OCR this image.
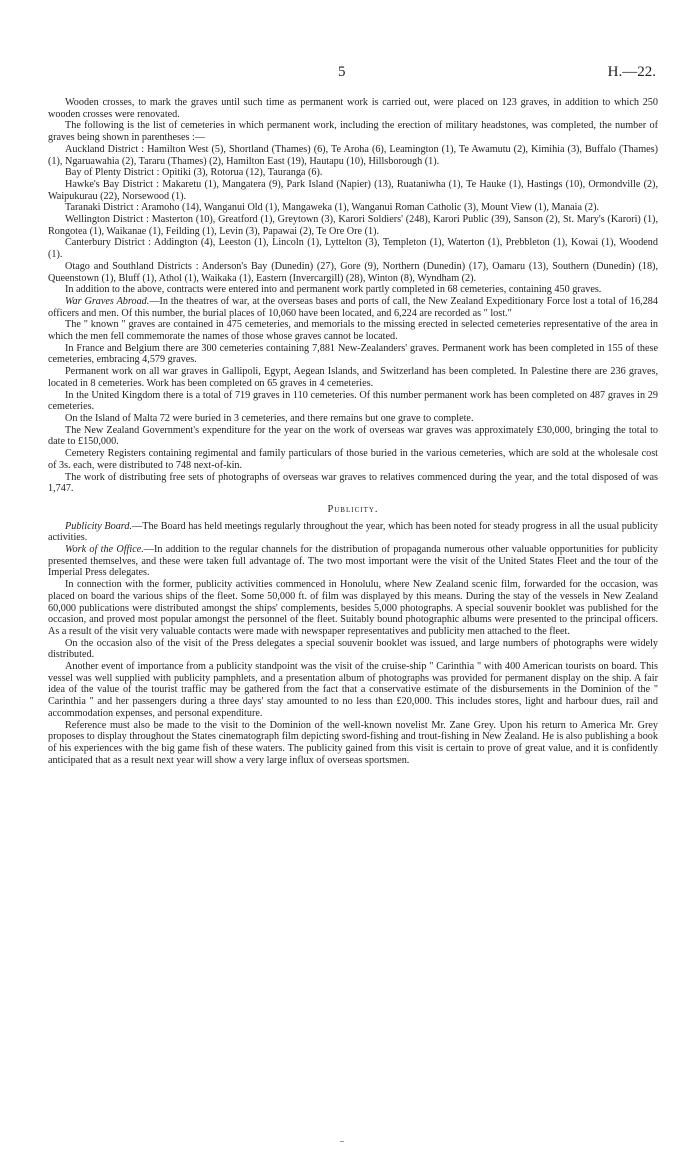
5	H.—22.

Wooden crosses, to mark the graves until such time as permanent work is carried out, were placed on 123 graves, in addition to which 250 wooden crosses were renovated.

The following is the list of cemeteries in which permanent work, including the erection of military headstones, was completed, the number of graves being shown in parentheses :—

Auckland District : Hamilton West (5), Shortland (Thames) (6), Te Aroha (6), Leamington (1), Te Awamutu (2), Kimihia (3), Buffalo (Thames) (1), Ngaruawahia (2), Tararu (Thames) (2), Hamilton East (19), Hautapu (10), Hillsborough (1).

Bay of Plenty District : Opitiki (3), Rotorua (12), Tauranga (6).

Hawke's Bay District : Makaretu (1), Mangatera (9), Park Island (Napier) (13), Ruataniwha (1), Te Hauke (1), Hastings (10), Ormondville (2), Waipukurau (22), Norsewood (1).

Taranaki District : Aramoho (14), Wanganui Old (1), Mangaweka (1), Wanganui Roman Catholic (3), Mount View (1), Manaia (2).

Wellington District : Masterton (10), Greatford (1), Greytown (3), Karori Soldiers' (248), Karori Public (39), Sanson (2), St. Mary's (Karori) (1), Rongotea (1), Waikanae (1), Feilding (1), Levin (3), Papawai (2), Te Ore Ore (1).

Canterbury District : Addington (4), Leeston (1), Lincoln (1), Lyttelton (3), Templeton (1), Waterton (1), Prebbleton (1), Kowai (1), Woodend (1).

Otago and Southland Districts : Anderson's Bay (Dunedin) (27), Gore (9), Northern (Dunedin) (17), Oamaru (13), Southern (Dunedin) (18), Queenstown (1), Bluff (1), Athol (1), Waikaka (1), Eastern (Invercargill) (28), Winton (8), Wyndham (2).

In addition to the above, contracts were entered into and permanent work partly completed in 68 cemeteries, containing 450 graves.

War Graves Abroad.—In the theatres of war, at the overseas bases and ports of call, the New Zealand Expeditionary Force lost a total of 16,284 officers and men. Of this number, the burial places of 10,060 have been located, and 6,224 are recorded as " lost."

The " known " graves are contained in 475 cemeteries, and memorials to the missing erected in selected cemeteries representative of the area in which the men fell commemorate the names of those whose graves cannot be located.

In France and Belgium there are 300 cemeteries containing 7,881 New-Zealanders' graves. Permanent work has been completed in 155 of these cemeteries, embracing 4,579 graves.

Permanent work on all war graves in Gallipoli, Egypt, Aegean Islands, and Switzerland has been completed. In Palestine there are 236 graves, located in 8 cemeteries. Work has been completed on 65 graves in 4 cemeteries.

In the United Kingdom there is a total of 719 graves in 110 cemeteries. Of this number permanent work has been completed on 487 graves in 29 cemeteries.

On the Island of Malta 72 were buried in 3 cemeteries, and there remains but one grave to complete.

The New Zealand Government's expenditure for the year on the work of overseas war graves was approximately £30,000, bringing the total to date to £150,000.

Cemetery Registers containing regimental and family particulars of those buried in the various cemeteries, which are sold at the wholesale cost of 3s. each, were distributed to 748 next-of-kin.

The work of distributing free sets of photographs of overseas war graves to relatives commenced during the year, and the total disposed of was 1,747.

Publicity.

Publicity Board.—The Board has held meetings regularly throughout the year, which has been noted for steady progress in all the usual publicity activities.

Work of the Office.—In addition to the regular channels for the distribution of propaganda numerous other valuable opportunities for publicity presented themselves, and these were taken full advantage of. The two most important were the visit of the United States Fleet and the tour of the Imperial Press delegates.

In connection with the former, publicity activities commenced in Honolulu, where New Zealand scenic film, forwarded for the occasion, was placed on board the various ships of the fleet. Some 50,000 ft. of film was displayed by this means. During the stay of the vessels in New Zealand 60,000 publications were distributed amongst the ships' complements, besides 5,000 photographs. A special souvenir booklet was published for the occasion, and proved most popular amongst the personnel of the fleet. Suitably bound photographic albums were presented to the principal officers. As a result of the visit very valuable contacts were made with newspaper representatives and publicity men attached to the fleet.

On the occasion also of the visit of the Press delegates a special souvenir booklet was issued, and large numbers of photographs were widely distributed.

Another event of importance from a publicity standpoint was the visit of the cruise-ship " Carinthia " with 400 American tourists on board. This vessel was well supplied with publicity pamphlets, and a presentation album of photographs was provided for permanent display on the ship. A fair idea of the value of the tourist traffic may be gathered from the fact that a conservative estimate of the disbursements in the Dominion of the " Carinthia " and her passengers during a three days' stay amounted to no less than £20,000. This includes stores, light and harbour dues, rail and accommodation expenses, and personal expenditure.

Reference must also be made to the visit to the Dominion of the well-known novelist Mr. Zane Grey. Upon his return to America Mr. Grey proposes to display throughout the States cinematograph film depicting sword-fishing and trout-fishing in New Zealand. He is also publishing a book of his experiences with the big game fish of these waters. The publicity gained from this visit is certain to prove of great value, and it is confidently anticipated that as a result next year will show a very large influx of overseas sportsmen.
